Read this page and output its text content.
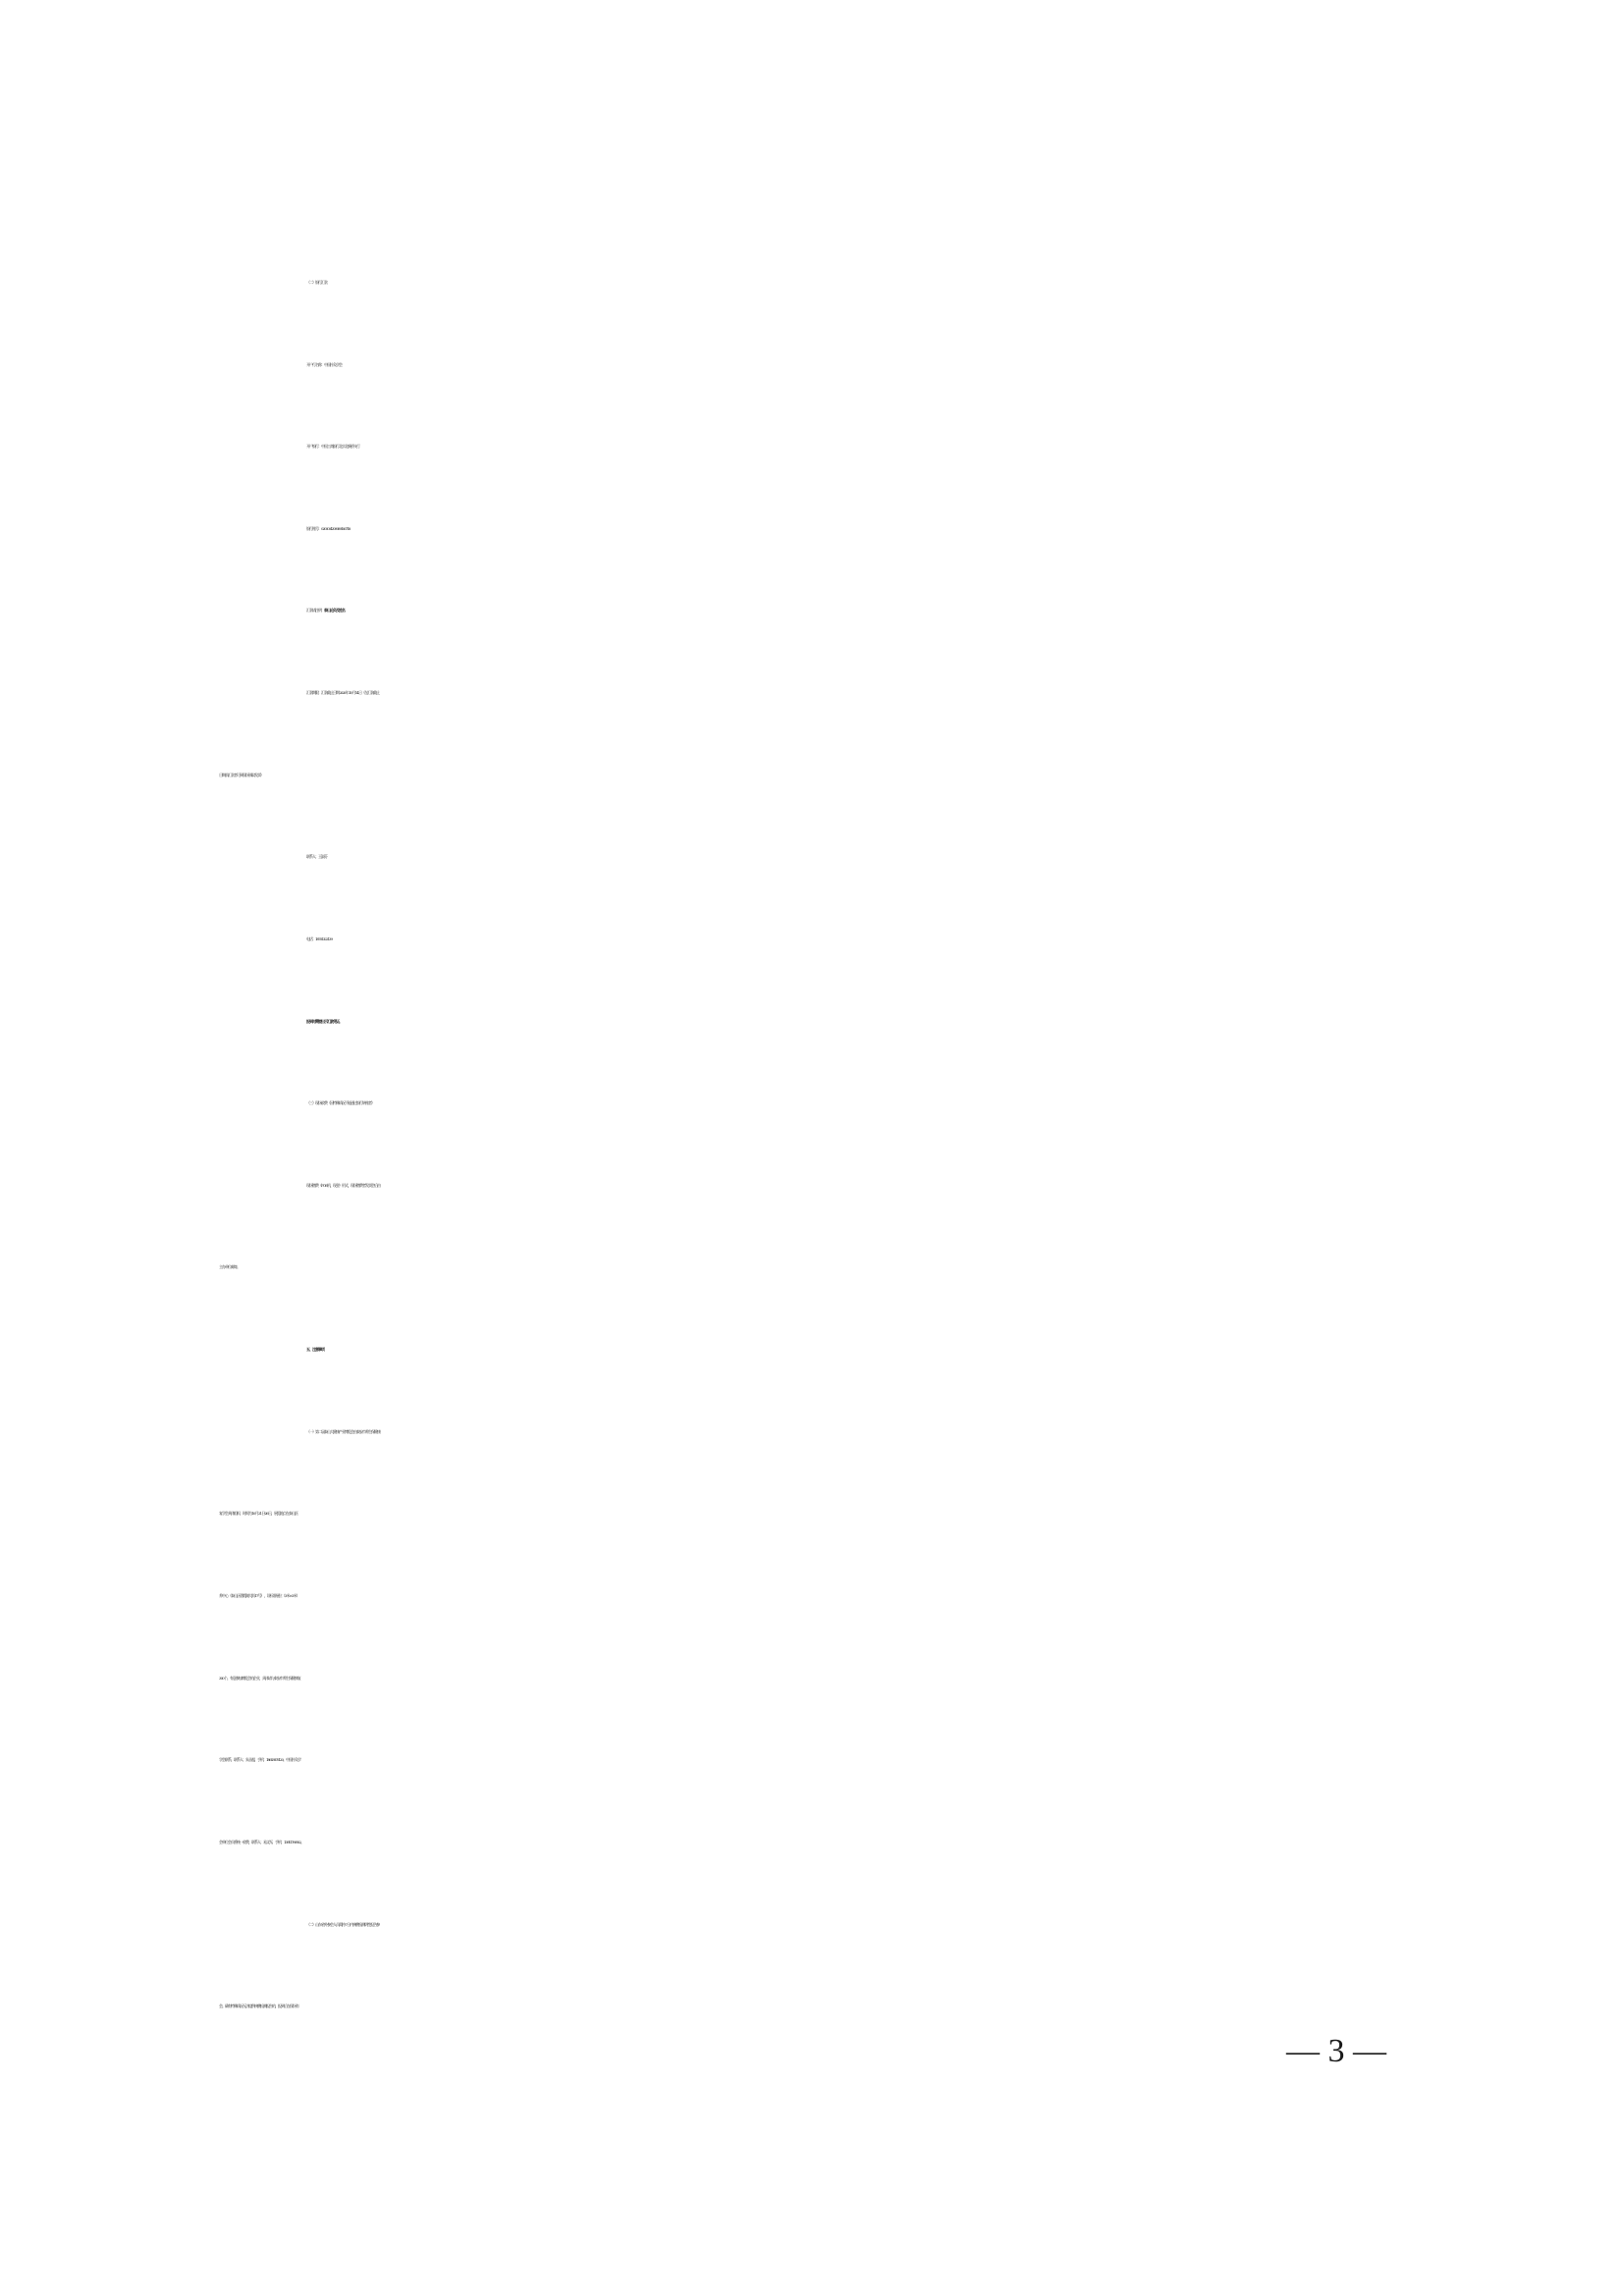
（二）银行汇款
开户行名称：中国针灸学会
开户银行：中国工商银行北京北新桥支行
银行账号：0200004309089106718
汇款请注明：泰山论灸及姓名
汇款期限：汇款截止日期 2020 年 10 月 14 日（在汇款截止
日期前汇款者可到现场领取发票）
联系人：王淑芬
电话：18701322139
报到时需要出示汇款凭证。
（三）现场收费（因特殊情况不能通过银行转账者）
现场缴费（POS 机、现金）形式，现场缴费者发票会后由
主办单位邮寄。
五、注意事项
（一）第二届泰山大健康产业博览会由泰安市养生保健康
复学会具体组织，时间为 10 月 21 日-26 日，展览地点在泰山医
养中心（泰山区碧霞湖大街 17 号），设标准展位（3 米×3 米）
300 个。有意参加博览会的企业，具体请与泰安市养生保健康复
学会联系，联系人：朱圣超，手机：18653870120。中国针灸学
会单位会员将统一收费，联系人：易文军，手机：13911789502。
（二）山东省外参会人员需持 7 日内核酸检测阴性报告参
会。确有特殊情况无法提供核酸检测报告的，报到后在现场有
— 3 —
